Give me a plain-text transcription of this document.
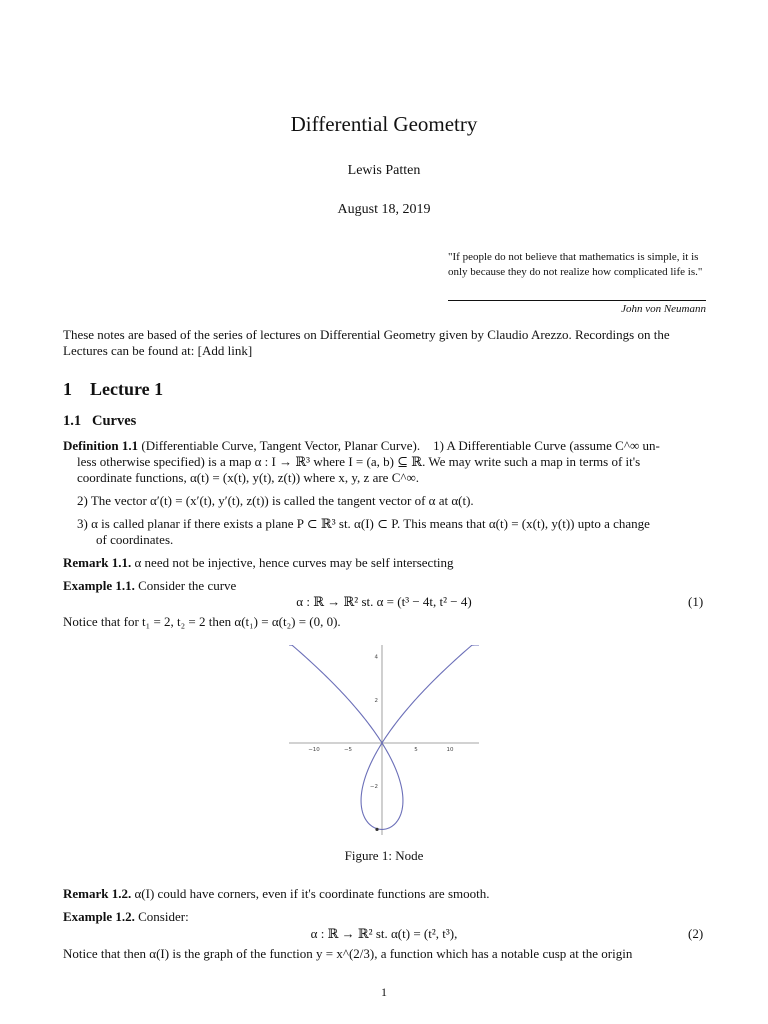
Differential Geometry
Lewis Patten
August 18, 2019
"If people do not believe that mathematics is simple, it is only because they do not realize how complicated life is."
John von Neumann
These notes are based of the series of lectures on Differential Geometry given by Claudio Arezzo. Recordings on the Lectures can be found at: [Add link]
1 Lecture 1
1.1 Curves
Definition 1.1 (Differentiable Curve, Tangent Vector, Planar Curve). 1) A Differentiable Curve (assume C^∞ un-
less otherwise specified) is a map α : I → ℝ³ where I = (a, b) ⊆ ℝ. We may write such a map in terms of it's
coordinate functions, α(t) = (x(t), y(t), z(t)) where x, y, z are C^∞.
2) The vector α′(t) = (x′(t), y′(t), z(t)) is called the tangent vector of α at α(t).
3) α is called planar if there exists a plane P ⊂ ℝ³ st. α(I) ⊂ P. This means that α(t) = (x(t), y(t)) upto a change
of coordinates.
Remark 1.1. α need not be injective, hence curves may be self intersecting
Example 1.1. Consider the curve
α : ℝ → ℝ² st. α = (t³ − 4t, t² − 4)	(1)
Notice that for t₁ = 2, t₂ = 2 then α(t₁) = α(t₂) = (0, 0).
−10	−5	5	10
4
2
−2
Figure 1: Node
Remark 1.2. α(I) could have corners, even if it's coordinate functions are smooth.
Example 1.2. Consider:
α : ℝ → ℝ² st. α(t) = (t², t³),	(2)
Notice that then α(I) is the graph of the function y = x^(2/3), a function which has a notable cusp at the origin
1
